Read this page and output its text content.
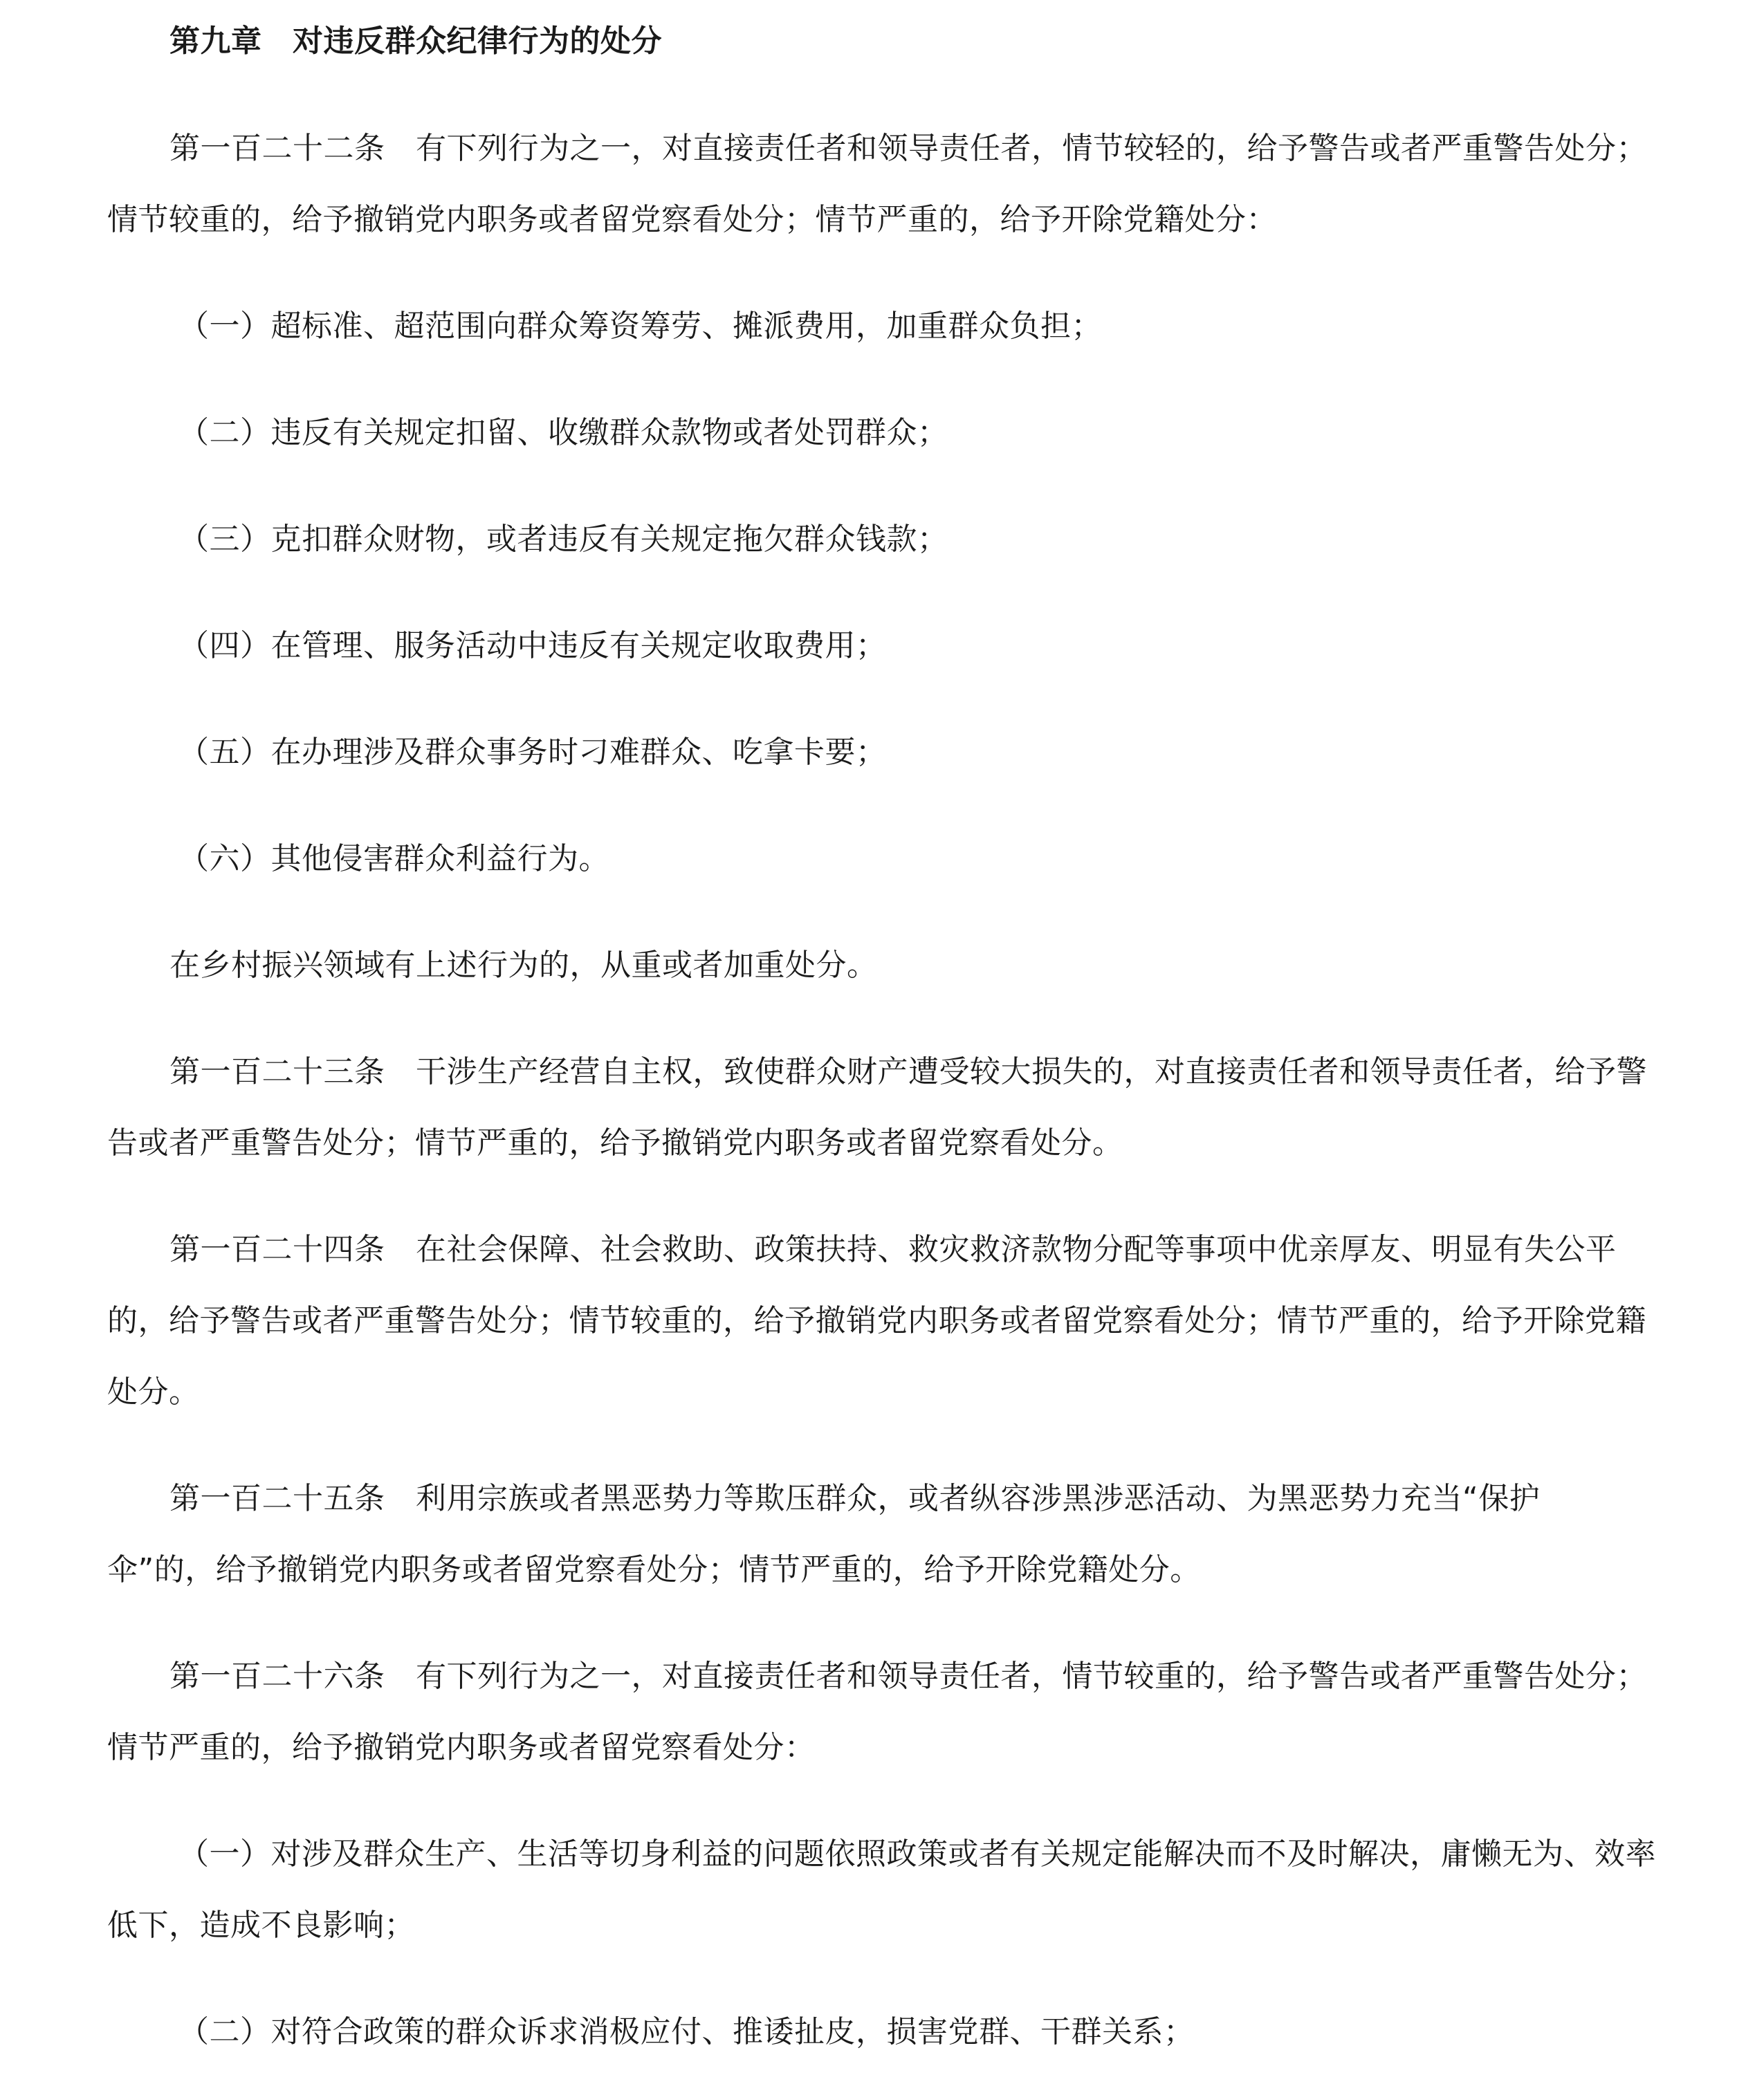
第九章　对违反群众纪律行为的处分
第一百二十二条　有下列行为之一，对直接责任者和领导责任者，情节较轻的，给予警告或者严重警告处分；
情节较重的，给予撤销党内职务或者留党察看处分；情节严重的，给予开除党籍处分：
（一）超标准、超范围向群众筹资筹劳、摊派费用，加重群众负担；
（二）违反有关规定扣留、收缴群众款物或者处罚群众；
（三）克扣群众财物，或者违反有关规定拖欠群众钱款；
（四）在管理、服务活动中违反有关规定收取费用；
（五）在办理涉及群众事务时刁难群众、吃拿卡要；
（六）其他侵害群众利益行为。
在乡村振兴领域有上述行为的，从重或者加重处分。
第一百二十三条　干涉生产经营自主权，致使群众财产遭受较大损失的，对直接责任者和领导责任者，给予警
告或者严重警告处分；情节严重的，给予撤销党内职务或者留党察看处分。
第一百二十四条　在社会保障、社会救助、政策扶持、救灾救济款物分配等事项中优亲厚友、明显有失公平
的，给予警告或者严重警告处分；情节较重的，给予撤销党内职务或者留党察看处分；情节严重的，给予开除党籍
处分。
第一百二十五条　利用宗族或者黑恶势力等欺压群众，或者纵容涉黑涉恶活动、为黑恶势力充当“保护
伞”的，给予撤销党内职务或者留党察看处分；情节严重的，给予开除党籍处分。
第一百二十六条　有下列行为之一，对直接责任者和领导责任者，情节较重的，给予警告或者严重警告处分；
情节严重的，给予撤销党内职务或者留党察看处分：
（一）对涉及群众生产、生活等切身利益的问题依照政策或者有关规定能解决而不及时解决，庸懒无为、效率
低下，造成不良影响；
（二）对符合政策的群众诉求消极应付、推诿扯皮，损害党群、干群关系；
